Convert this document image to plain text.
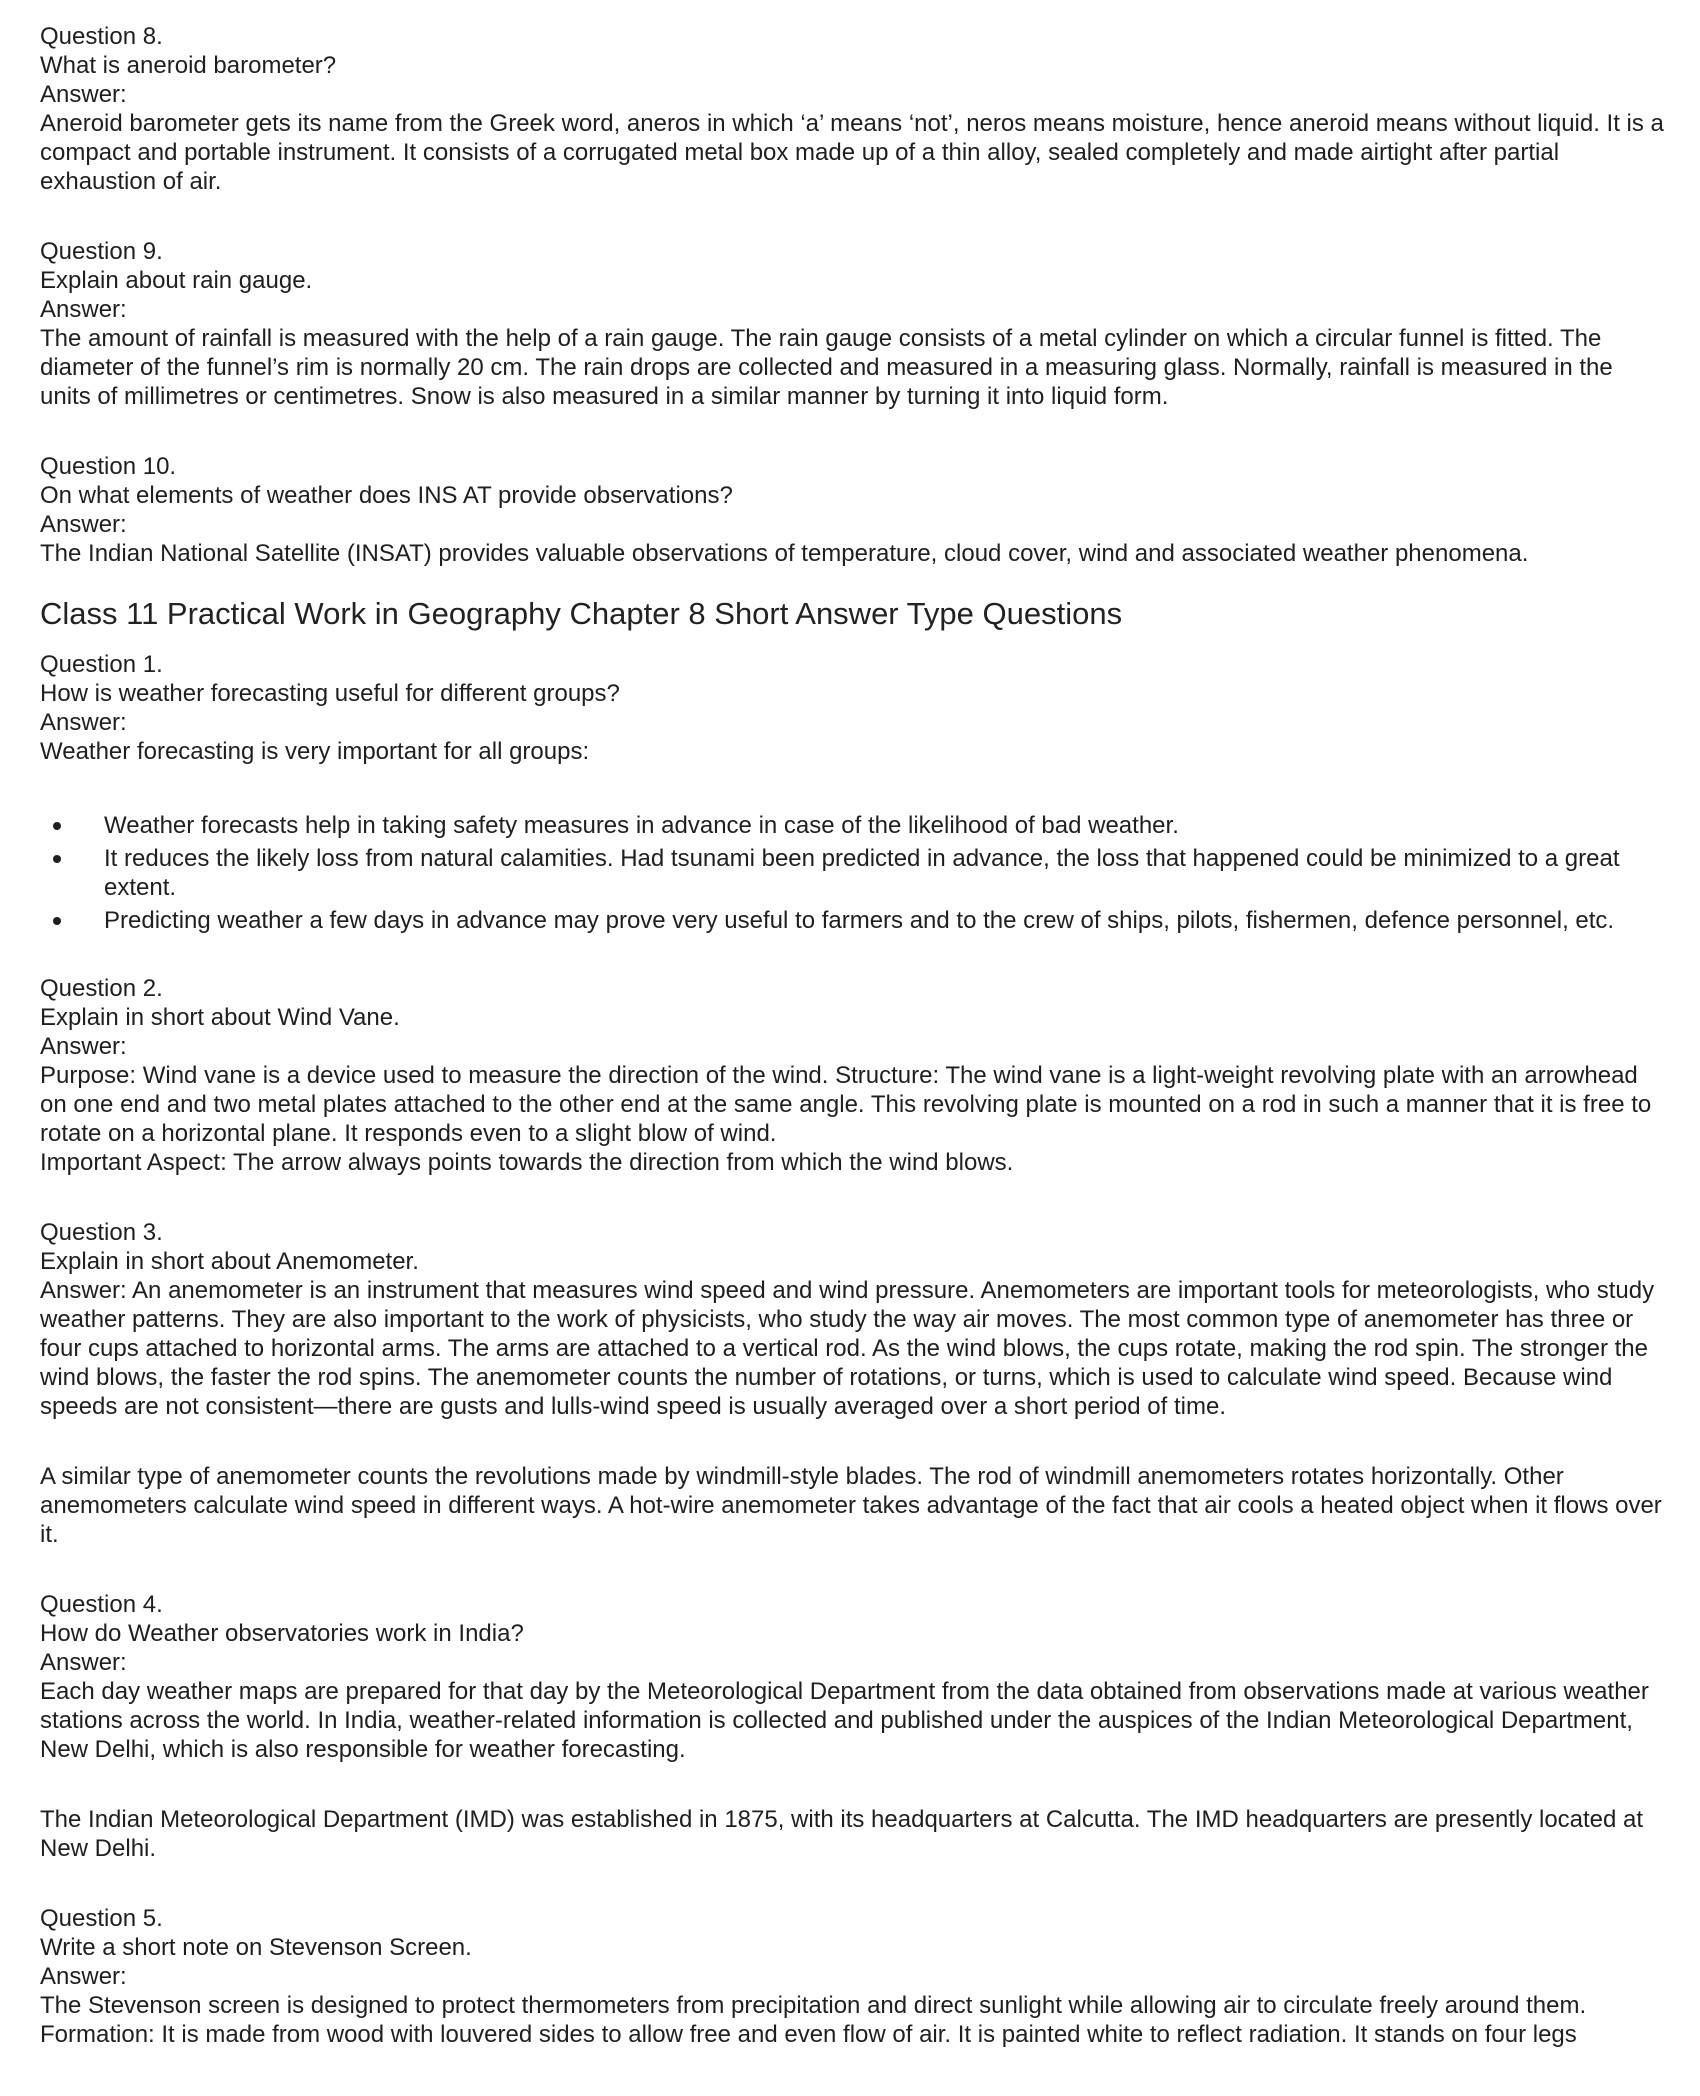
Question 8.
What is aneroid barometer?
Answer:

Aneroid barometer gets its name from the Greek word, aneros in which ‘a’ means ‘not’, neros means moisture, hence aneroid means without liquid. It is a compact and portable instrument. It consists of a corrugated metal box made up of a thin alloy, sealed completely and made airtight after partial exhaustion of air.

Question 9.
Explain about rain gauge.
Answer:

The amount of rainfall is measured with the help of a rain gauge. The rain gauge consists of a metal cylinder on which a circular funnel is fitted. The diameter of the funnel’s rim is normally 20 cm. The rain drops are collected and measured in a measuring glass. Normally, rainfall is measured in the units of millimetres or centimetres. Snow is also measured in a similar manner by turning it into liquid form.

Question 10.
On what elements of weather does INS AT provide observations?
Answer:

The Indian National Satellite (INSAT) provides valuable observations of temperature, cloud cover, wind and associated weather phenomena.

Class 11 Practical Work in Geography Chapter 8 Short Answer Type Questions
Question 1.
How is weather forecasting useful for different groups?
Answer:
Weather forecasting is very important for all groups:
Weather forecasts help in taking safety measures in advance in case of the likelihood of bad weather.
It reduces the likely loss from natural calamities. Had tsunami been predicted in advance, the loss that happened could be minimized to a great extent.
Predicting weather a few days in advance may prove very useful to farmers and to the crew of ships, pilots, fishermen, defence personnel, etc.
Question 2.
Explain in short about Wind Vane.
Answer:

Purpose: Wind vane is a device used to measure the direction of the wind. Structure: The wind vane is a light-weight revolving plate with an arrowhead on one end and two metal plates attached to the other end at the same angle. This revolving plate is mounted on a rod in such a manner that it is free to rotate on a horizontal plane. It responds even to a slight blow of wind.

Important Aspect: The arrow always points towards the direction from which the wind blows.

Question 3.
Explain in short about Anemometer.

Answer: An anemometer is an instrument that measures wind speed and wind pressure. Anemometers are important tools for meteorologists, who study weather patterns. They are also important to the work of physicists, who study the way air moves. The most common type of anemometer has three or four cups attached to horizontal arms. The arms are attached to a vertical rod. As the wind blows, the cups rotate, making the rod spin. The stronger the wind blows, the faster the rod spins. The anemometer counts the number of rotations, or turns, which is used to calculate wind speed. Because wind speeds are not consistent—there are gusts and lulls-wind speed is usually averaged over a short period of time.

A similar type of anemometer counts the revolutions made by windmill-style blades. The rod of windmill anemometers rotates horizontally. Other anemometers calculate wind speed in different ways. A hot-wire anemometer takes advantage of the fact that air cools a heated object when it flows over it.

Question 4.
How do Weather observatories work in India?
Answer:

Each day weather maps are prepared for that day by the Meteorological Department from the data obtained from observations made at various weather stations across the world. In India, weather-related information is collected and published under the auspices of the Indian Meteorological Department, New Delhi, which is also responsible for weather forecasting.

The Indian Meteorological Department (IMD) was established in 1875, with its headquarters at Calcutta. The IMD headquarters are presently located at New Delhi.

Question 5.
Write a short note on Stevenson Screen.
Answer:

The Stevenson screen is designed to protect thermometers from precipitation and direct sunlight while allowing air to circulate freely around them. Formation: It is made from wood with louvered sides to allow free and even flow of air. It is painted white to reflect radiation. It stands on four legs
